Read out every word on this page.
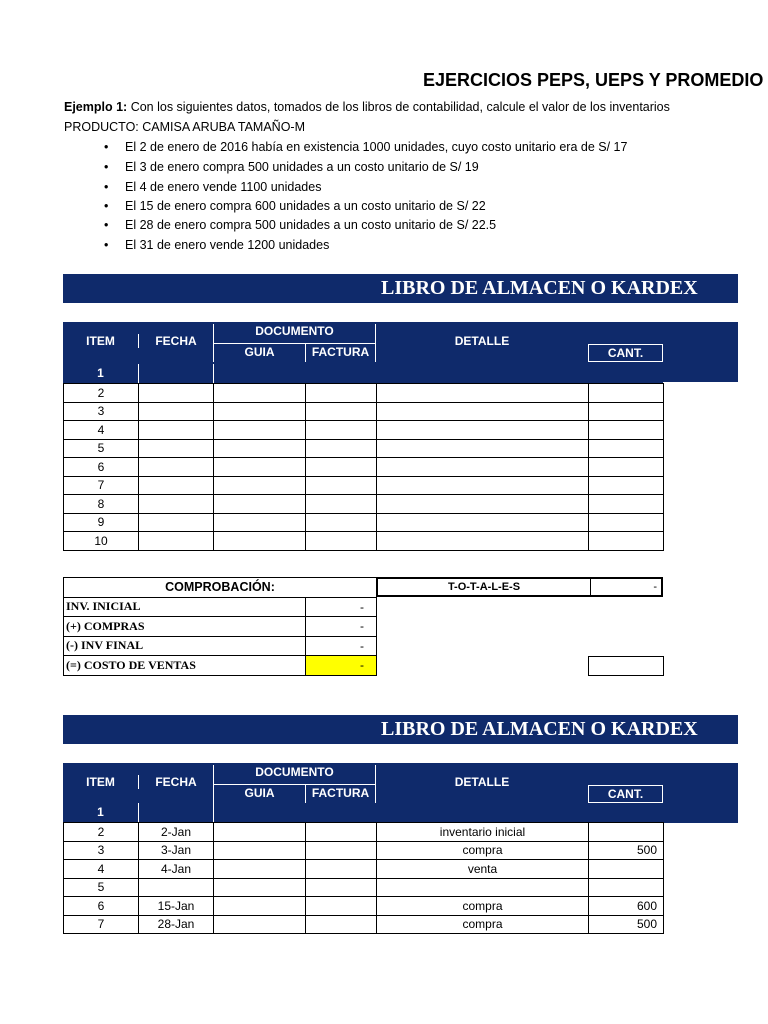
EJERCICIOS PEPS, UEPS Y PROMEDIO
Ejemplo 1: Con los siguientes datos, tomados de los libros de contabilidad, calcule el valor de los inventarios
PRODUCTO: CAMISA ARUBA TAMAÑO-M
• El 2 de enero de 2016 había en existencia 1000 unidades, cuyo costo unitario era de S/ 17
• El 3 de enero compra 500 unidades a un costo unitario de S/ 19
• El 4 de enero vende 1100 unidades
• El 15 de enero compra 600 unidades a un costo unitario de S/ 22
• El 28 de enero compra 500 unidades a un costo unitario de S/ 22.5
• El 31 de enero vende 1200 unidades
LIBRO DE ALMACEN O KARDEX
ITEM	FECHA
DOCUMENTO
GUIA	FACTURA
DETALLE
CANT.
1
2					
3					
4					
5					
6					
7					
8					
9					
10					
COMPROBACIÓN:	
INV. INICIAL	-
(+) COMPRAS	-
(-) INV FINAL	-
(=) COSTO DE VENTAS	-
T-O-T-A-L-E-S	-
LIBRO DE ALMACEN O KARDEX
ITEM	FECHA
DOCUMENTO
GUIA	FACTURA
DETALLE
CANT.
1
2	2-Jan			inventario inicial	
3	3-Jan			compra	500
4	4-Jan			venta	
5					
6	15-Jan			compra	600
7	28-Jan			compra	500
